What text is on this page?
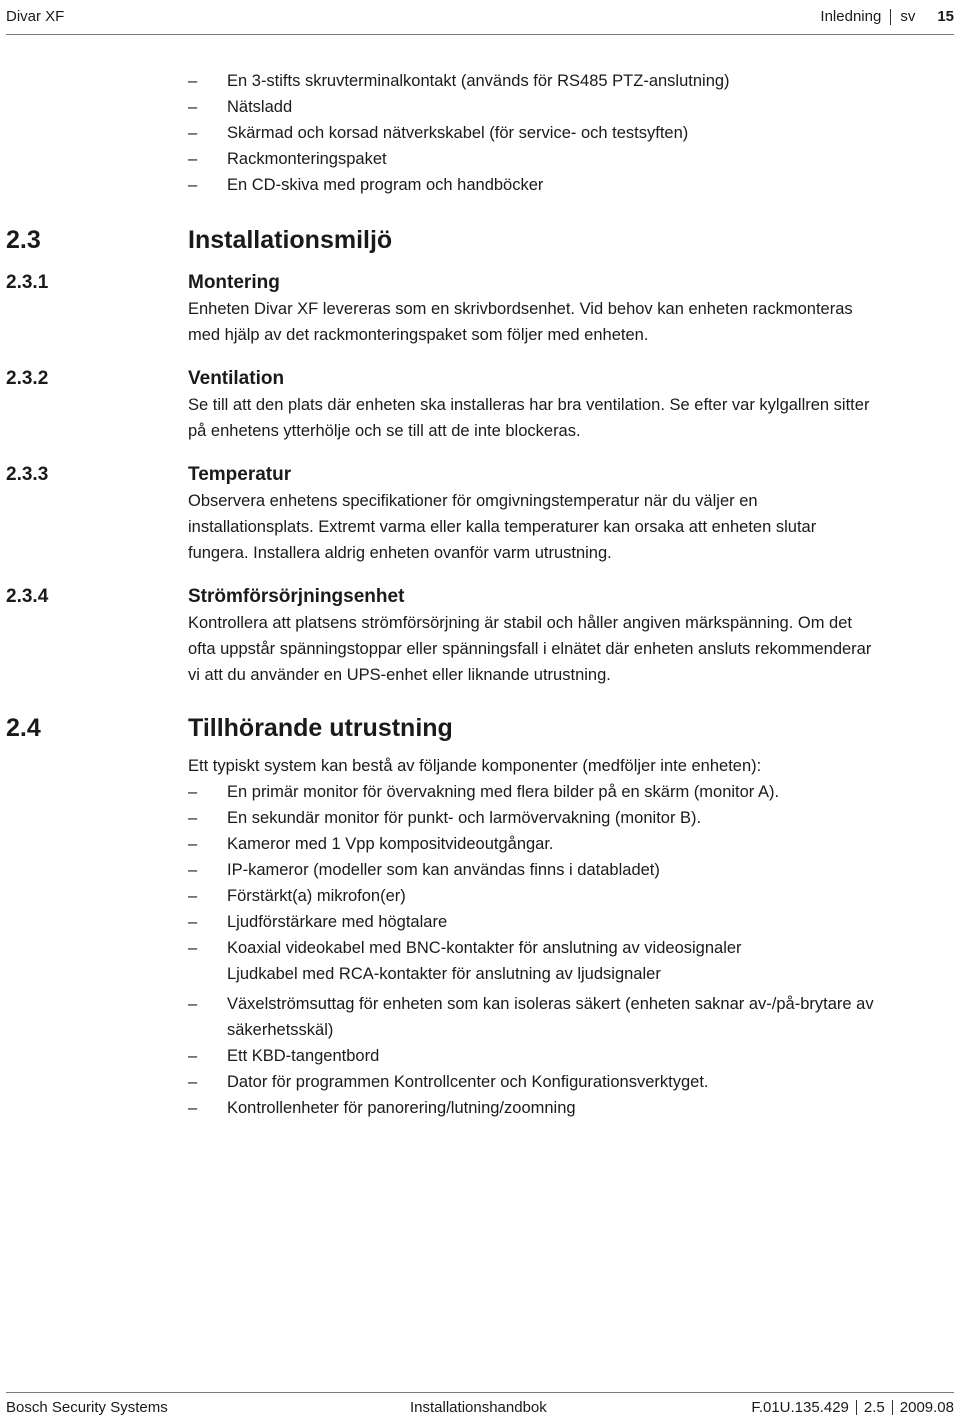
Divar XF	Inledning sv 15
– En 3-stifts skruvterminalkontakt (används för RS485 PTZ-anslutning)
– Nätsladd
– Skärmad och korsad nätverkskabel (för service- och testsyften)
– Rackmonteringspaket
– En CD-skiva med program och handböcker
2.3	Installationsmiljö
2.3.1	Montering
Enheten Divar XF levereras som en skrivbordsenhet. Vid behov kan enheten rackmonteras
med hjälp av det rackmonteringspaket som följer med enheten.
2.3.2	Ventilation
Se till att den plats där enheten ska installeras har bra ventilation. Se efter var kylgallren sitter
på enhetens ytterhölje och se till att de inte blockeras.
2.3.3	Temperatur
Observera enhetens specifikationer för omgivningstemperatur när du väljer en
installationsplats. Extremt varma eller kalla temperaturer kan orsaka att enheten slutar
fungera. Installera aldrig enheten ovanför varm utrustning.
2.3.4	Strömförsörjningsenhet
Kontrollera att platsens strömförsörjning är stabil och håller angiven märkspänning. Om det
ofta uppstår spänningstoppar eller spänningsfall i elnätet där enheten ansluts rekommenderar
vi att du använder en UPS-enhet eller liknande utrustning.
2.4	Tillhörande utrustning
Ett typiskt system kan bestå av följande komponenter (medföljer inte enheten):
– En primär monitor för övervakning med flera bilder på en skärm (monitor A).
– En sekundär monitor för punkt- och larmövervakning (monitor B).
– Kameror med 1 Vpp kompositvideoutgångar.
– IP-kameror (modeller som kan användas finns i databladet)
– Förstärkt(a) mikrofon(er)
– Ljudförstärkare med högtalare
– Koaxial videokabel med BNC-kontakter för anslutning av videosignaler
Ljudkabel med RCA-kontakter för anslutning av ljudsignaler
– Växelströmsuttag för enheten som kan isoleras säkert (enheten saknar av-/på-brytare av
säkerhetsskäl)
– Ett KBD-tangentbord
– Dator för programmen Kontrollcenter och Konfigurationsverktyget.
– Kontrollenheter för panorering/lutning/zoomning
Bosch Security Systems	Installationshandbok	F.01U.135.429 2.5 2009.08
